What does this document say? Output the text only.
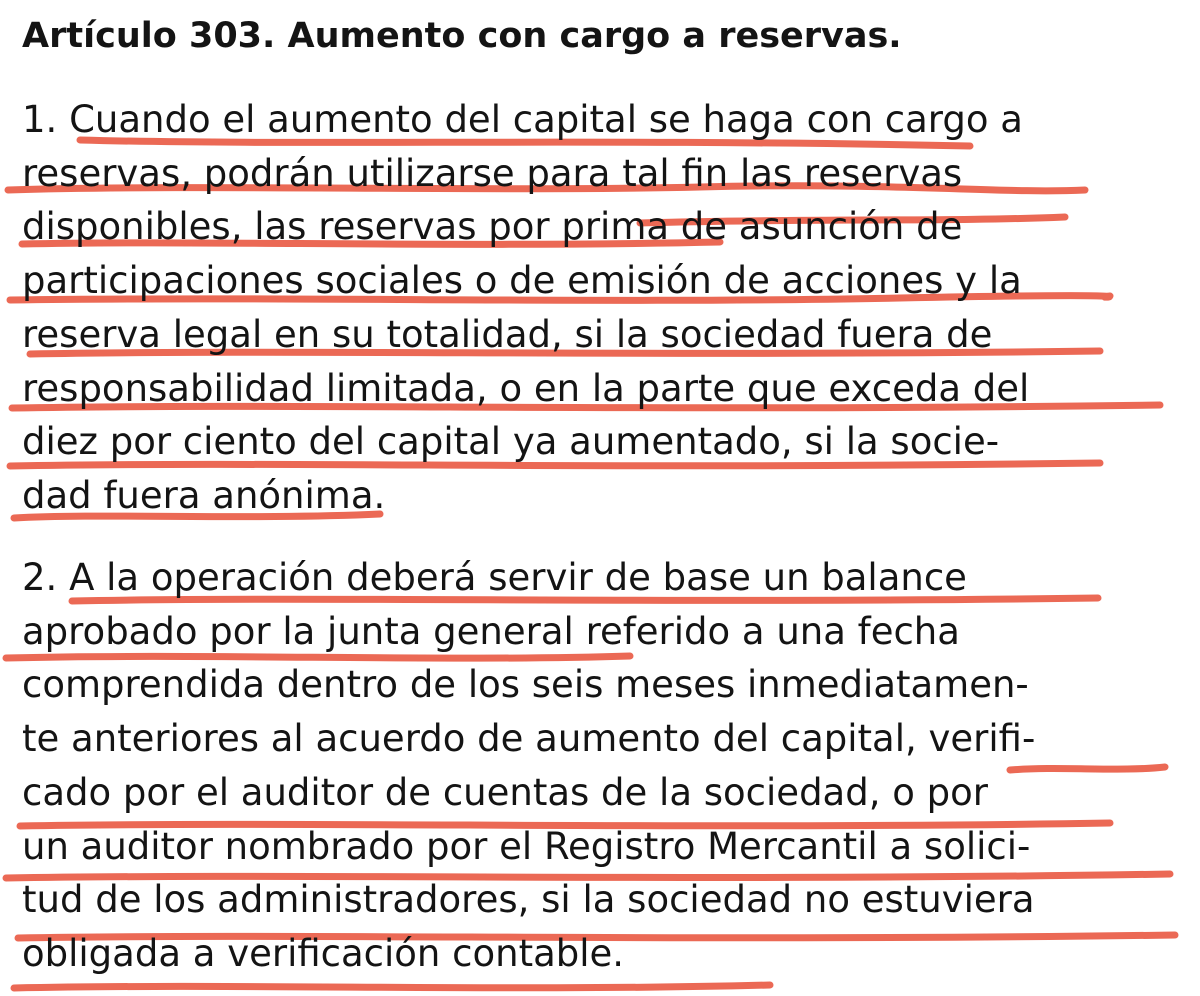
Artículo 303. Aumento con cargo a reservas.

1. Cuando el aumento del capital se haga con cargo a
reservas, podrán utilizarse para tal fin las reservas
disponibles, las reservas por prima de asunción de
participaciones sociales o de emisión de acciones y la
reserva legal en su totalidad, si la sociedad fuera de
responsabilidad limitada, o en la parte que exceda del
diez por ciento del capital ya aumentado, si la socie-
dad fuera anónima.

2. A la operación deberá servir de base un balance
aprobado por la junta general referido a una fecha
comprendida dentro de los seis meses inmediatamen-
te anteriores al acuerdo de aumento del capital, verifi-
cado por el auditor de cuentas de la sociedad, o por
un auditor nombrado por el Registro Mercantil a solici-
tud de los administradores, si la sociedad no estuviera
obligada a verificación contable.
